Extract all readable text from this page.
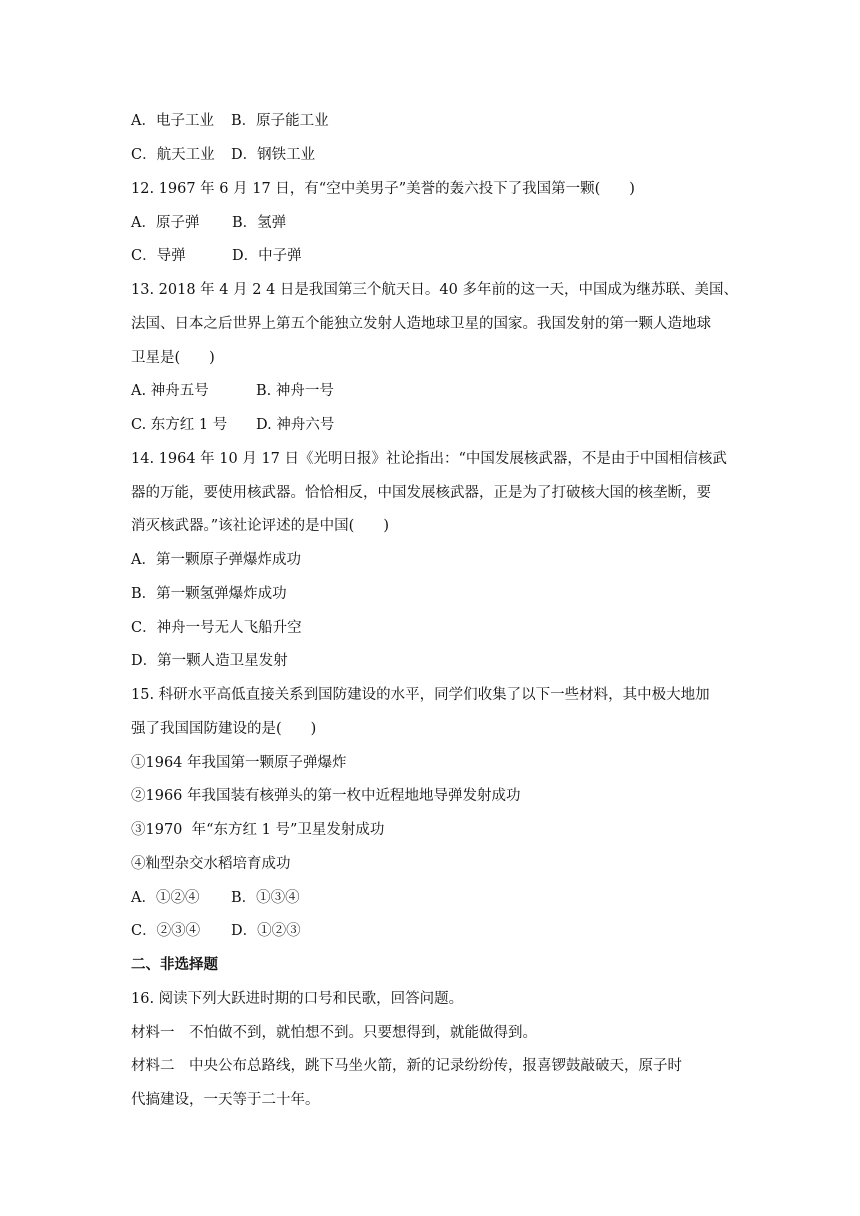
A．电子工业

B．原子能工业

C．航天工业

D．钢铁工业

12. 1967 年 6 月 17 日，有“空中美男子”美誉的轰六投下了我国第一颗(　　)

A．原子弹

B．氢弹

C．导弹

	D．中子弹

13. 2018 年 4 月 2 4 日是我国第三个航天日。40 多年前的这一天，中国成为继苏联、美国、
法国、日本之后世界上第五个能独立发射人造地球卫星的国家。我国发射的第一颗人造地球
卫星是(　　)

A. 神舟五号

	B. 神舟一号

C. 东方红 1 号

D. 神舟六号

14. 1964 年 10 月 17 日《光明日报》社论指出：“中国发展核武器，不是由于中国相信核武
器的万能，要使用核武器。恰恰相反，中国发展核武器，正是为了打破核大国的核垄断，要
消灭核武器。”该社论评述的是中国(　　)
A．第一颗原子弹爆炸成功
B．第一颗氢弹爆炸成功
C．神舟一号无人飞船升空
D．第一颗人造卫星发射
15. 科研水平高低直接关系到国防建设的水平，同学们收集了以下一些材料，其中极大地加
强了我国国防建设的是(　　)
①1964 年我国第一颗原子弹爆炸
②1966 年我国装有核弹头的第一枚中近程地地导弹发射成功
③1970  年“东方红 1 号”卫星发射成功
④籼型杂交水稻培育成功

A．①②④

B．①③④

C．②③④

D．①②③

二、非选择题
16. 阅读下列大跃进时期的口号和民歌，回答问题。
材料一　不怕做不到，就怕想不到。只要想得到，就能做得到。
材料二　中央公布总路线，跳下马坐火箭，新的记录纷纷传，报喜锣鼓敲破天，原子时
代搞建设，一天等于二十年。
